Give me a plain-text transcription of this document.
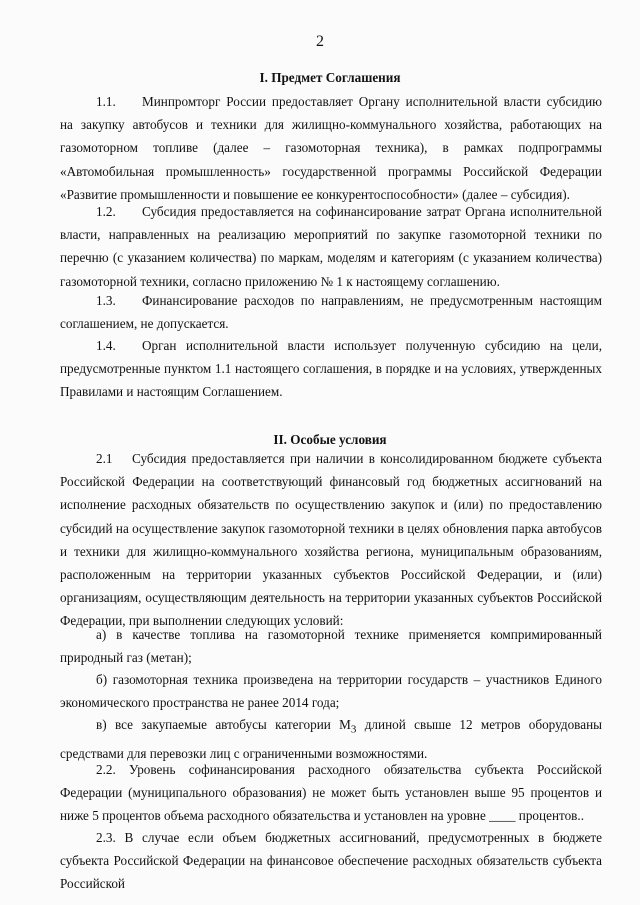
2
I. Предмет Соглашения

1.1. Минпромторг России предоставляет Органу исполнительной власти субсидию на закупку автобусов и техники для жилищно-коммунального хозяйства, работающих на газомоторном топливе (далее – газомоторная техника), в рамках подпрограммы «Автомобильная промышленность» государственной программы Российской Федерации «Развитие промышленности и повышение ее конкурентоспособности» (далее – субсидия).

1.2. Субсидия предоставляется на софинансирование затрат Органа исполнительной власти, направленных на реализацию мероприятий по закупке газомоторной техники по перечню (с указанием количества) по маркам, моделям и категориям (с указанием количества) газомоторной техники, согласно приложению № 1 к настоящему соглашению.

1.3. Финансирование расходов по направлениям, не предусмотренным настоящим соглашением, не допускается.

1.4. Орган исполнительной власти использует полученную субсидию на цели, предусмотренные пунктом 1.1 настоящего соглашения, в порядке и на условиях, утвержденных Правилами и настоящим Соглашением.

II. Особые условия

2.1 Субсидия предоставляется при наличии в консолидированном бюджете субъекта Российской Федерации на соответствующий финансовый год бюджетных ассигнований на исполнение расходных обязательств по осуществлению закупок и (или) по предоставлению субсидий на осуществление закупок газомоторной техники в целях обновления парка автобусов и техники для жилищно-коммунального хозяйства региона, муниципальным образованиям, расположенным на территории указанных субъектов Российской Федерации, и (или) организациям, осуществляющим деятельность на территории указанных субъектов Российской Федерации, при выполнении следующих условий:

а) в качестве топлива на газомоторной технике применяется компримированный природный газ (метан);

б) газомоторная техника произведена на территории государств – участников Единого экономического пространства не ранее 2014 года;

в) все закупаемые автобусы категории $М_3$ длиной свыше 12 метров оборудованы средствами для перевозки лиц с ограниченными возможностями.

2.2. Уровень софинансирования расходного обязательства субъекта Российской Федерации (муниципального образования) не может быть установлен выше 95 процентов и ниже 5 процентов объема расходного обязательства и установлен на уровне ____ процентов..

2.3. В случае если объем бюджетных ассигнований, предусмотренных в бюджете субъекта Российской Федерации на финансовое обеспечение расходных обязательств субъекта Российской
